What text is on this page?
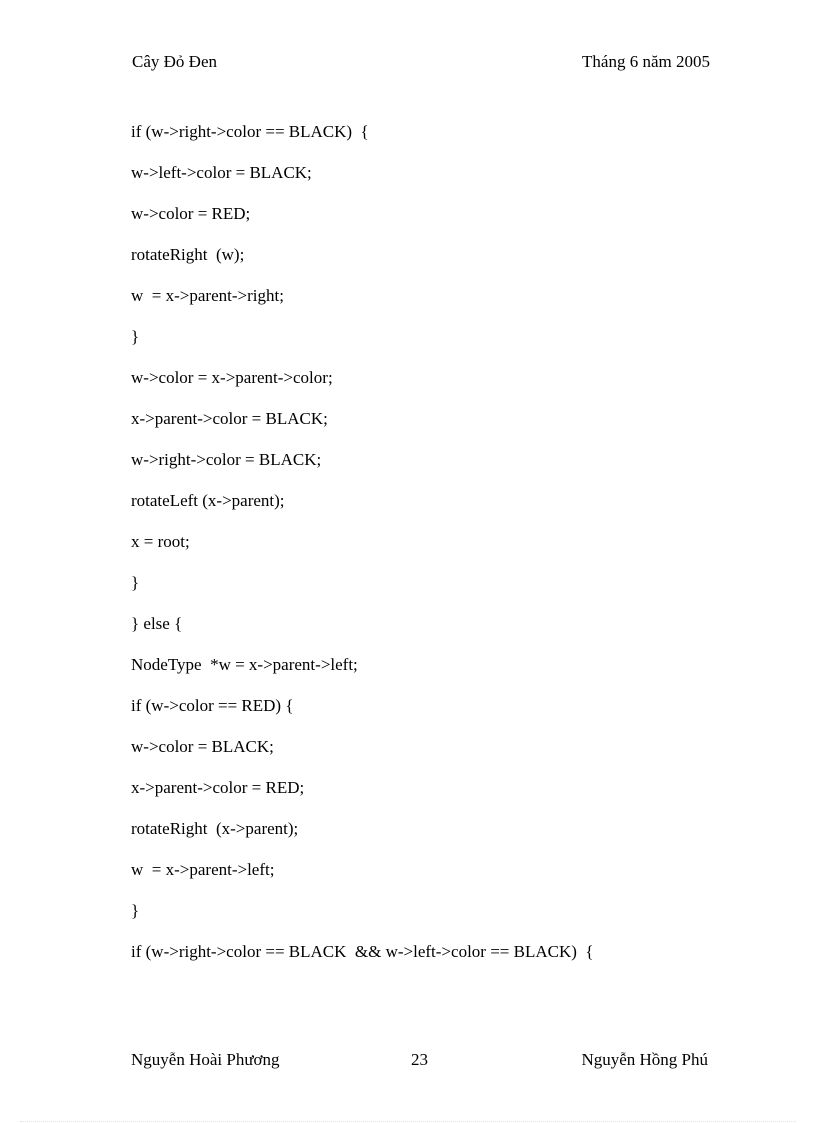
Cây Đỏ Đen	Tháng 6 năm 2005
if (w->right->color == BLACK)  {
w->left->color = BLACK;
w->color = RED;
rotateRight  (w);
w  = x->parent->right;
}
w->color = x->parent->color;
x->parent->color = BLACK;
w->right->color = BLACK;
rotateLeft (x->parent);
x = root;
}
} else {
NodeType  *w = x->parent->left;
if (w->color == RED) {
w->color = BLACK;
x->parent->color = RED;
rotateRight  (x->parent);
w  = x->parent->left;
}
if (w->right->color == BLACK  && w->left->color == BLACK)  {
Nguyễn Hoài Phương	23	Nguyễn Hồng Phú
